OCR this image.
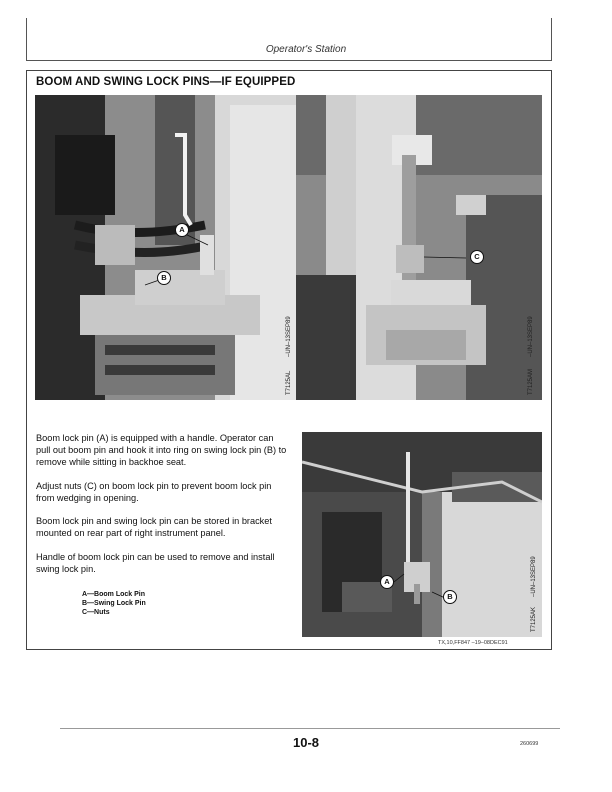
Operator's Station
BOOM AND SWING LOCK PINS—IF EQUIPPED
A
B
T7125AL
–UN–13SEP89
C
T7125AM
–UN–13SEP89
Boom lock pin (A) is equipped with a handle. Operator can pull out boom pin and hook it into ring on swing lock pin (B) to remove while sitting in backhoe seat.
Adjust nuts (C) on boom lock pin to prevent boom lock pin from wedging in opening.
Boom lock pin and swing lock pin can be stored in bracket mounted on rear part of right instrument panel.
Handle of boom lock pin can be used to remove and install swing lock pin.
A—Boom Lock Pin
B—Swing Lock Pin
C—Nuts
A
B
T7125AK
–UN–13SEP89
TX,10,FF847 –19–08DEC91
10-8	260699
